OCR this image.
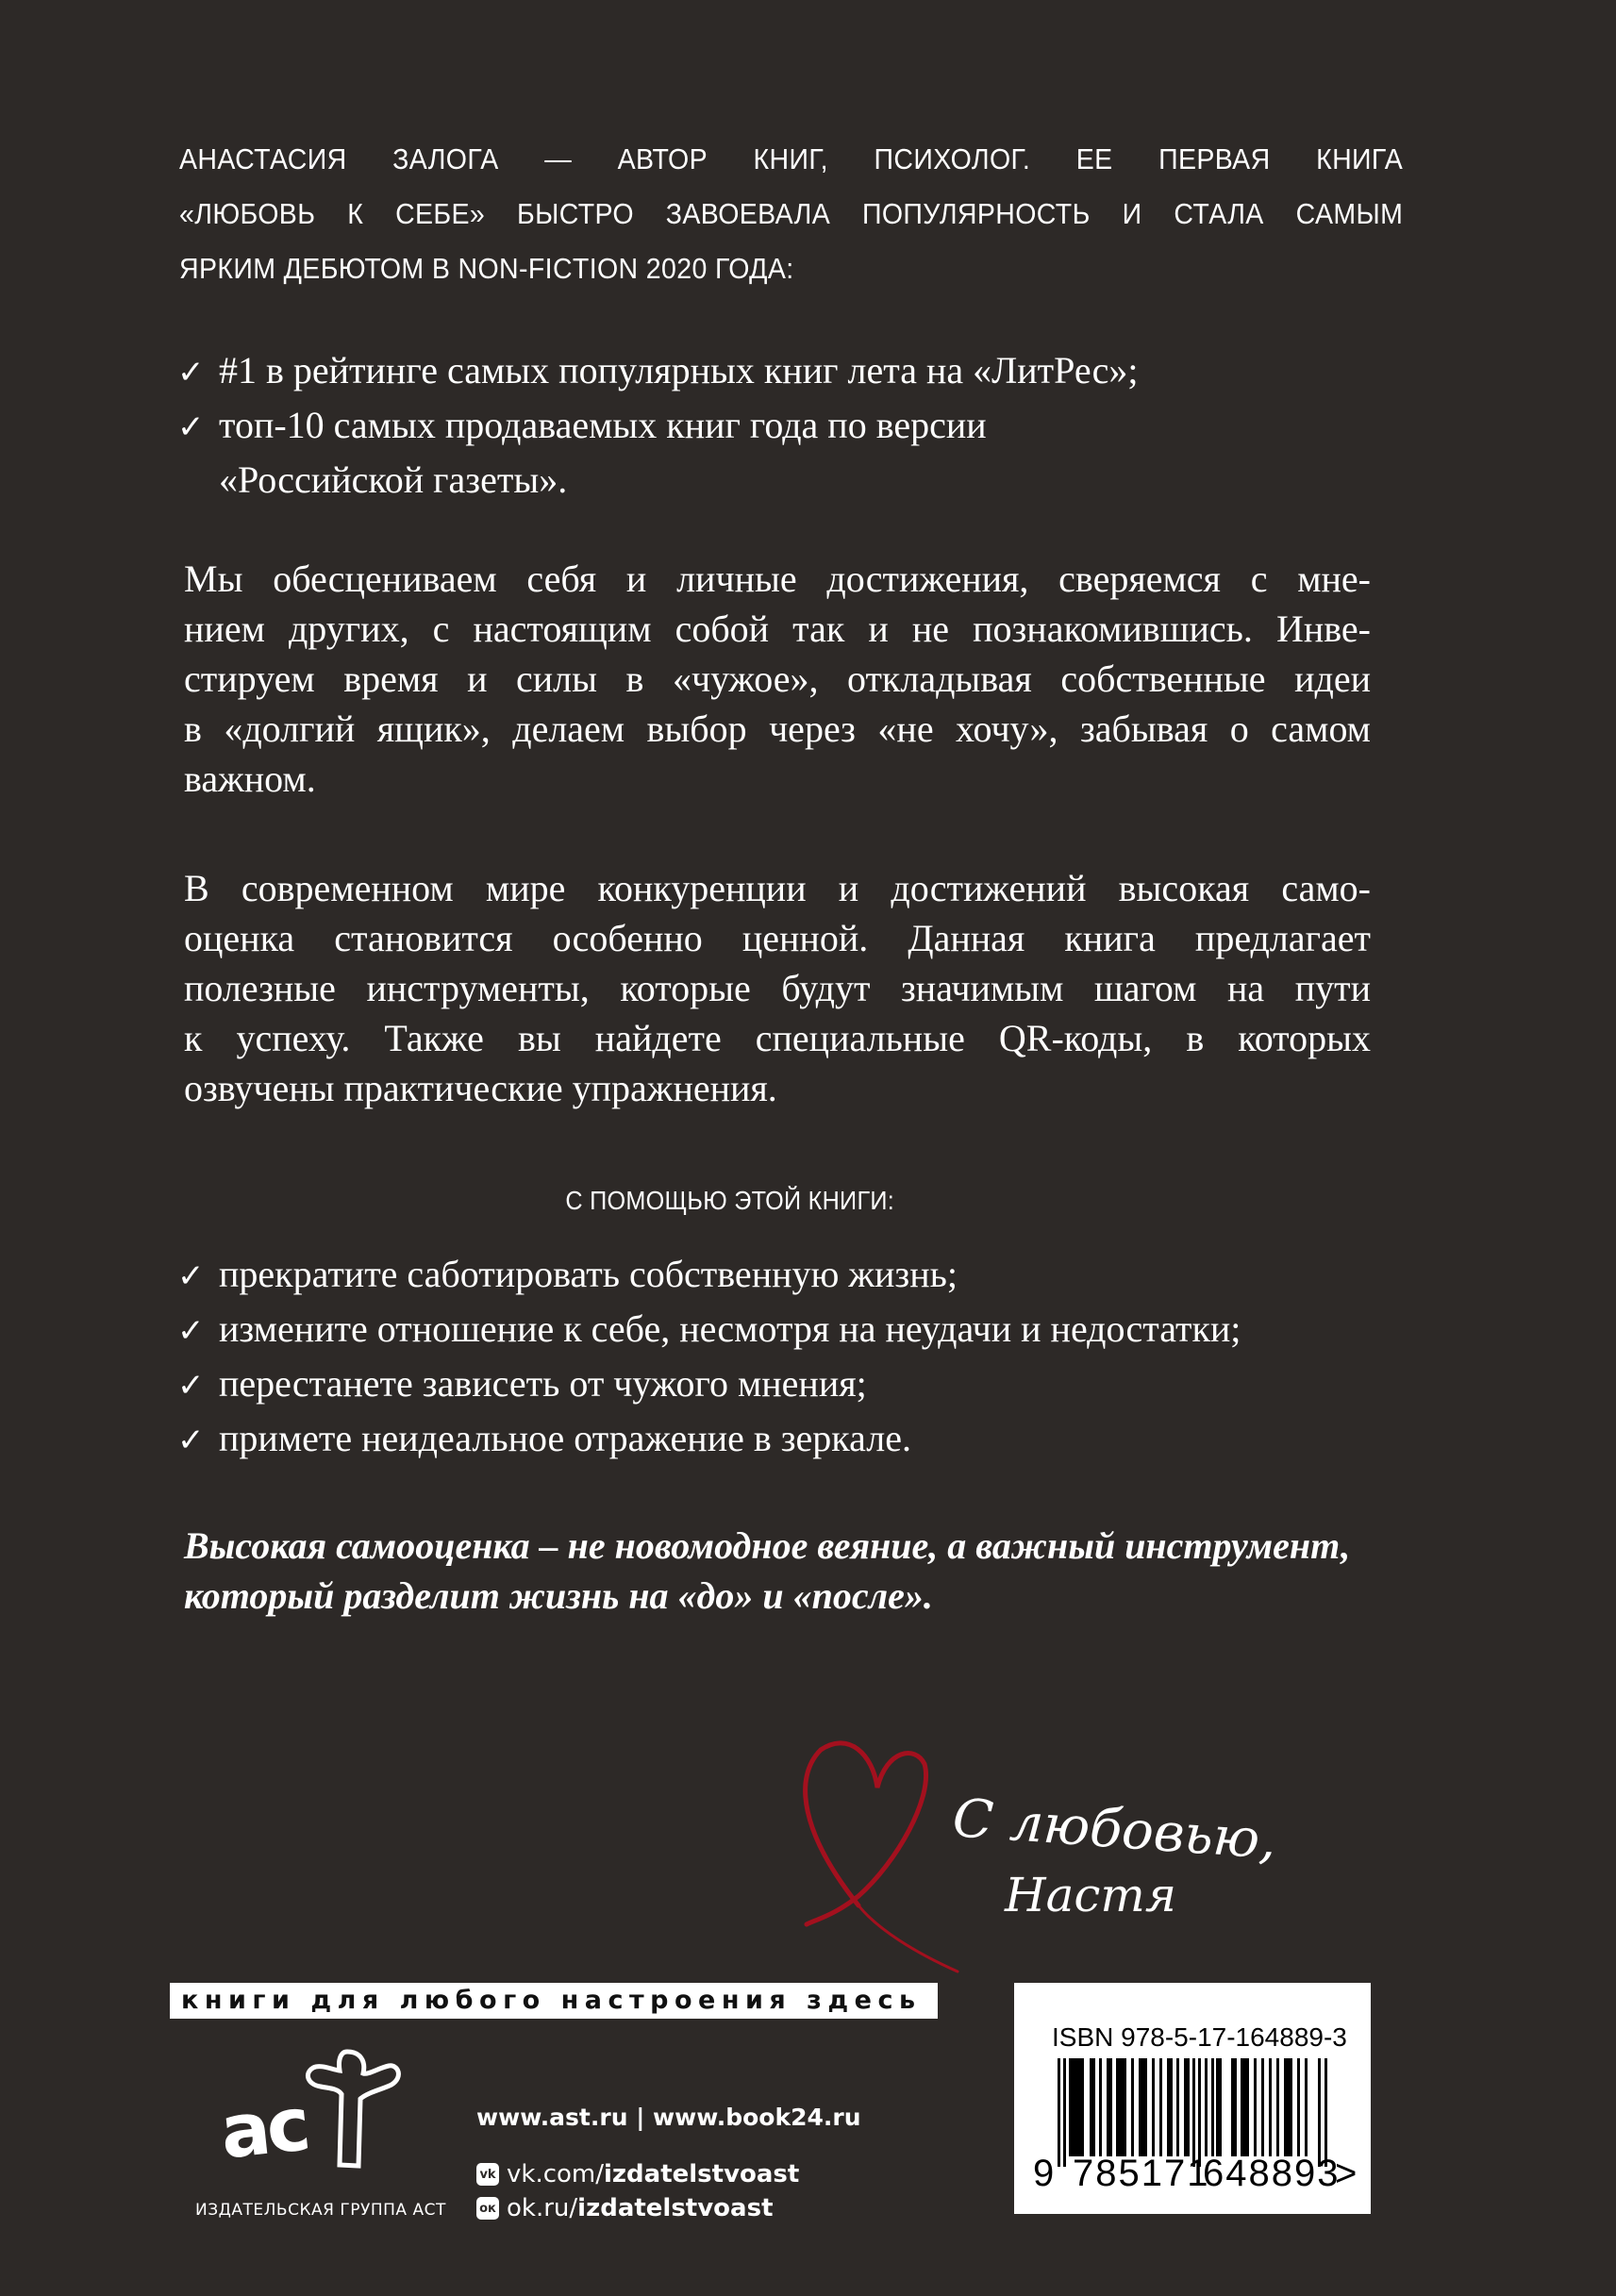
АНАСТАСИЯ ЗАЛОГА — АВТОР КНИГ, ПСИХОЛОГ. ЕЕ ПЕРВАЯ КНИГА
«ЛЮБОВЬ К СЕБЕ» БЫСТРО ЗАВОЕВАЛА ПОПУЛЯРНОСТЬ И СТАЛА САМЫМ
ЯРКИМ ДЕБЮТОМ В NON-FICTION 2020 ГОДА:
✓ #1 в рейтинге самых популярных книг лета на «ЛитРес»;
✓ топ-10 самых продаваемых книг года по версии
«Российской газеты».
Мы обесцениваем себя и личные достижения, сверяемся с мне-
нием других, с настоящим собой так и не познакомившись. Инве-
стируем время и силы в «чужое», откладывая собственные идеи
в «долгий ящик», делаем выбор через «не хочу», забывая о самом
важном.
В современном мире конкуренции и достижений высокая само-
оценка становится особенно ценной. Данная книга предлагает
полезные инструменты, которые будут значимым шагом на пути
к успеху. Также вы найдете специальные QR-коды, в которых
озвучены практические упражнения.
С ПОМОЩЬЮ ЭТОЙ КНИГИ:
✓ прекратите саботировать собственную жизнь;
✓ измените отношение к себе, несмотря на неудачи и недостатки;
✓ перестанете зависеть от чужого мнения;
✓ примете неидеальное отражение в зеркале.
Высокая самооценка – не новомодное веяние, а важный инструмент,
который разделит жизнь на «до» и «после».
С любовью,
Настя
книги для любого настроения здесь
ас
ИЗДАТЕЛЬСКАЯ ГРУППА АСТ
www.ast.ru | www.book24.ru
vk vk.com/ izdatelstvoast
ок ok.ru/ izdatelstvoast
ISBN 978-5-17-164889-3
9 785171
648893
>
